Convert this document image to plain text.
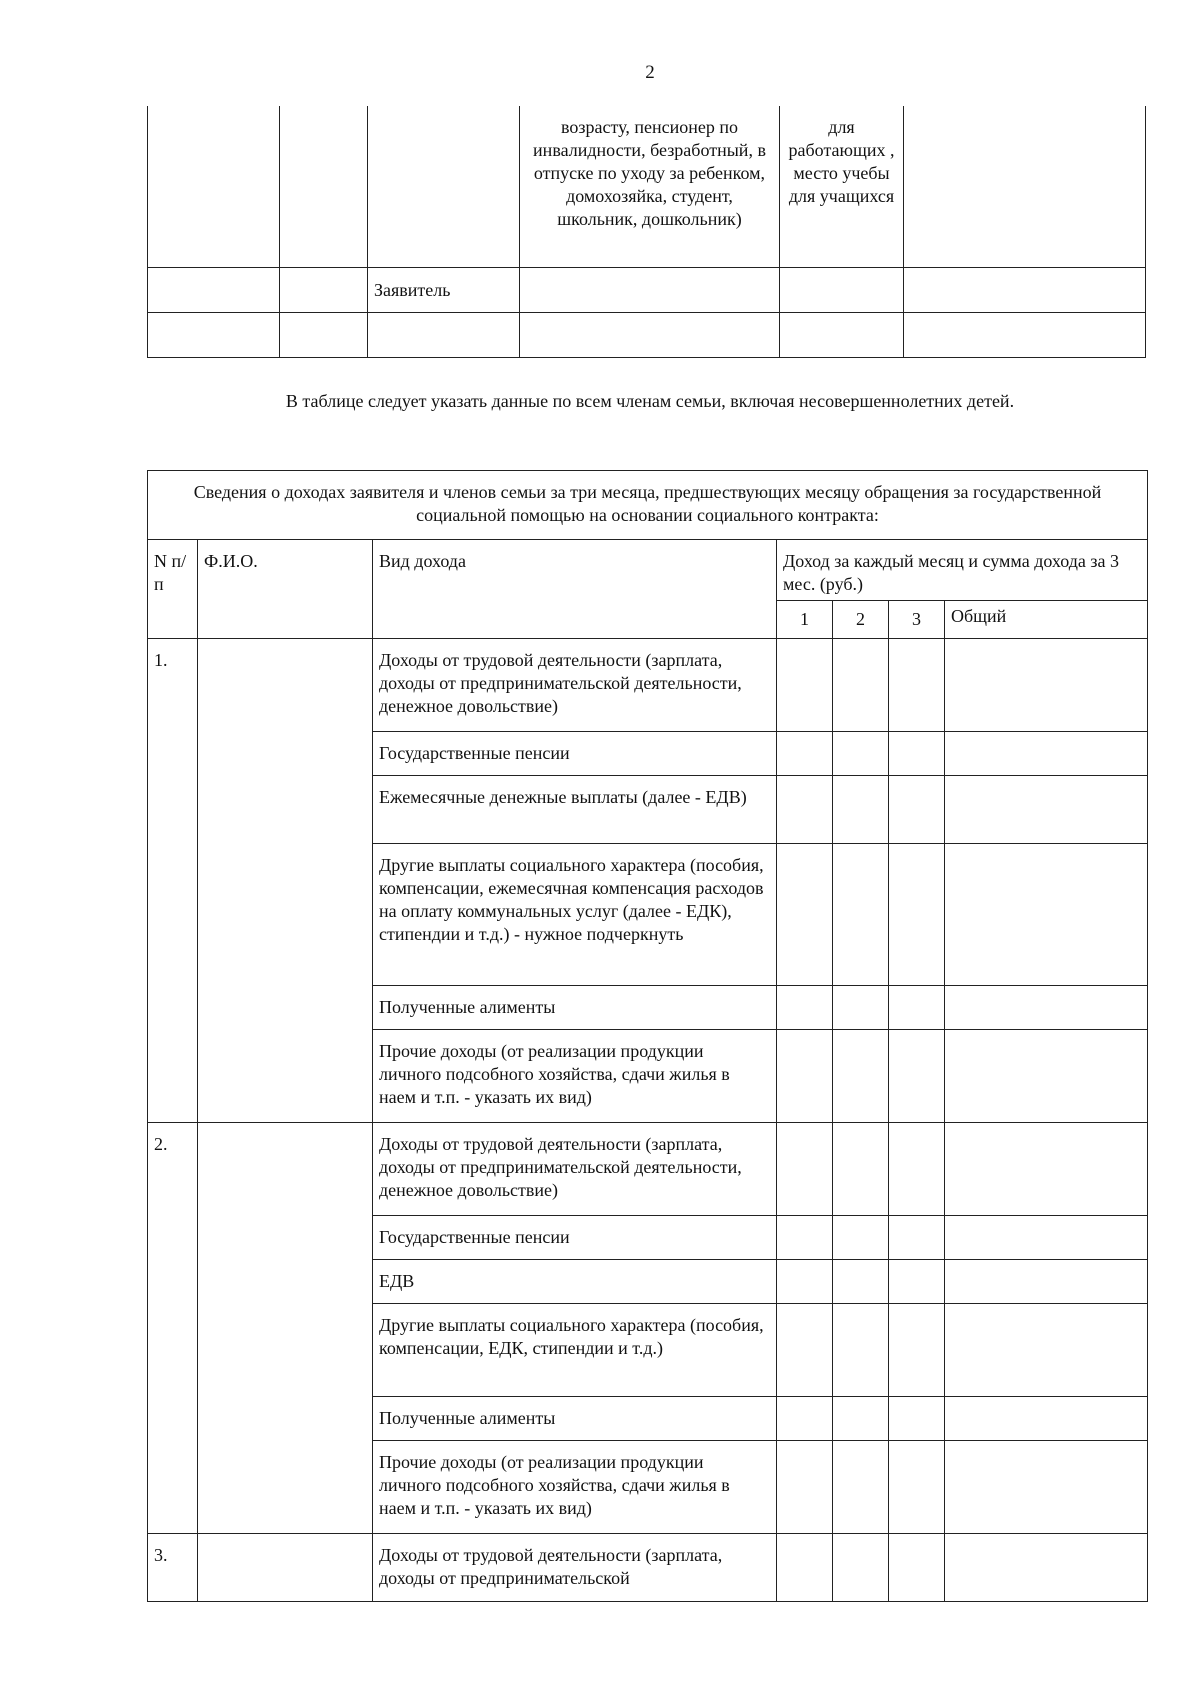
2
			возрасту, пенсионер по инвалидности, безработный, в отпуске по уходу за ребенком, домохозяйка, студент, школьник, дошкольник)	для работающих , место учебы для учащихся	
		Заявитель			

В таблице следует указать данные по всем членам семьи, включая несовершеннолетних детей.
Сведения о доходах заявителя и членов семьи за три месяца, предшествующих месяцу обращения за государственной социальной помощью на основании социального контракта:						
N п/п	Ф.И.О.	Вид дохода	Доход за каждый месяц и сумма дохода за 3 мес. (руб.)			
			1	2	3	Общий
1.		Доходы от трудовой деятельности (зарплата, доходы от предпринимательской деятельности, денежное довольствие)				
		Государственные пенсии				
		Ежемесячные денежные выплаты (далее - ЕДВ)				
		Другие выплаты социального характера (пособия, компенсации, ежемесячная компенсация расходов на оплату коммунальных услуг (далее - ЕДК), стипендии и т.д.) - нужное подчеркнуть				
		Полученные алименты				
		Прочие доходы (от реализации продукции личного подсобного хозяйства, сдачи жилья в наем и т.п. - указать их вид)				
2.		Доходы от трудовой деятельности (зарплата, доходы от предпринимательской деятельности, денежное довольствие)				
		Государственные пенсии				
		ЕДВ				
		Другие выплаты социального характера (пособия, компенсации, ЕДК, стипендии и т.д.)				
		Полученные алименты				
		Прочие доходы (от реализации продукции личного подсобного хозяйства, сдачи жилья в наем и т.п. - указать их вид)				
3.		Доходы от трудовой деятельности (зарплата, доходы от предпринимательской				
